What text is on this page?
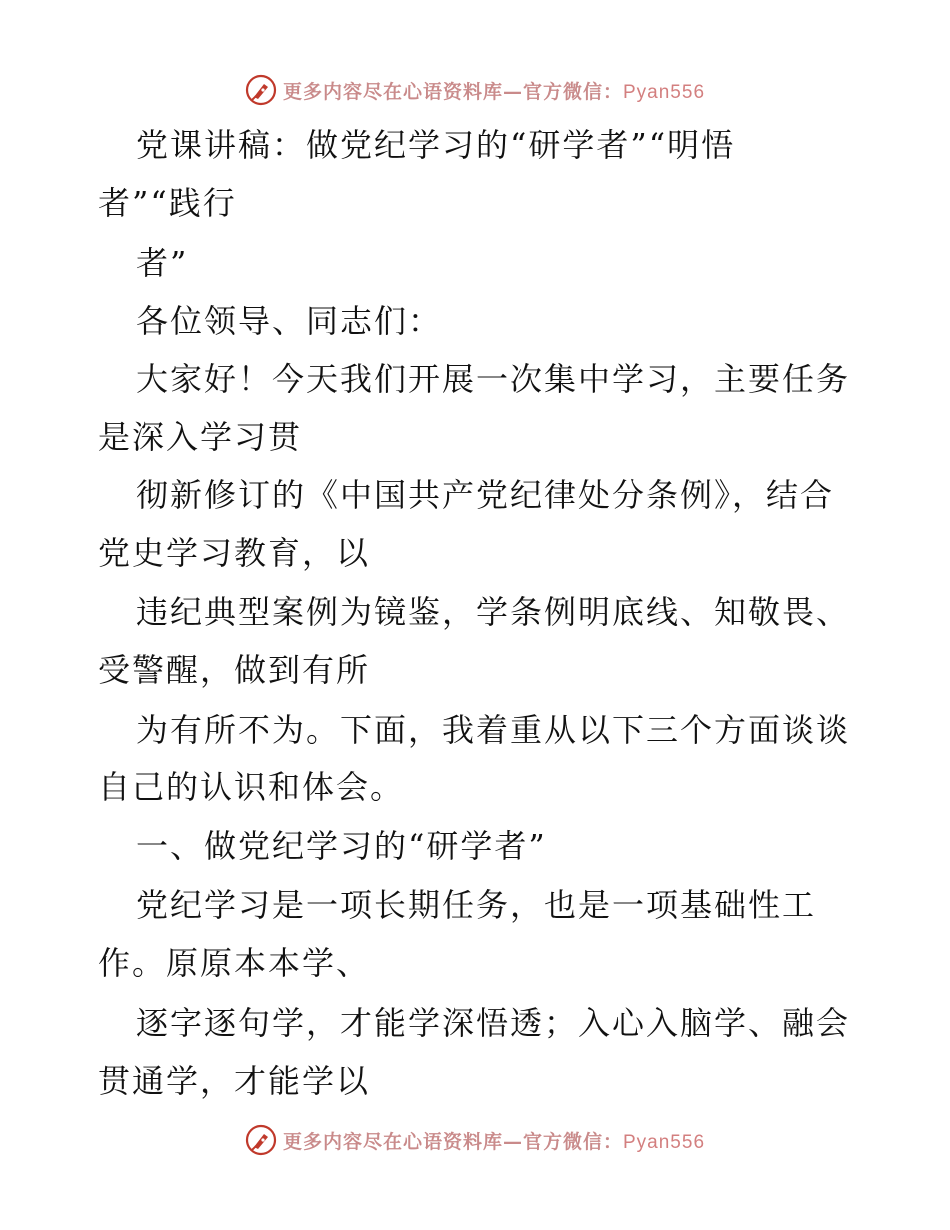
更多内容尽在心语资料库—官方微信：Pyan556
党课讲稿：做党纪学习的“研学者”“明悟
者”“践行
者”
各位领导、同志们：
大家好！今天我们开展一次集中学习，主要任务
是深入学习贯
彻新修订的《中国共产党纪律处分条例》，结合
党史学习教育，以
违纪典型案例为镜鉴，学条例明底线、知敬畏、
受警醒，做到有所
为有所不为。下面，我着重从以下三个方面谈谈
自己的认识和体会。
一、做党纪学习的“研学者”
党纪学习是一项长期任务，也是一项基础性工
作。原原本本学、
逐字逐句学，才能学深悟透；入心入脑学、融会
贯通学，才能学以
更多内容尽在心语资料库—官方微信：Pyan556
